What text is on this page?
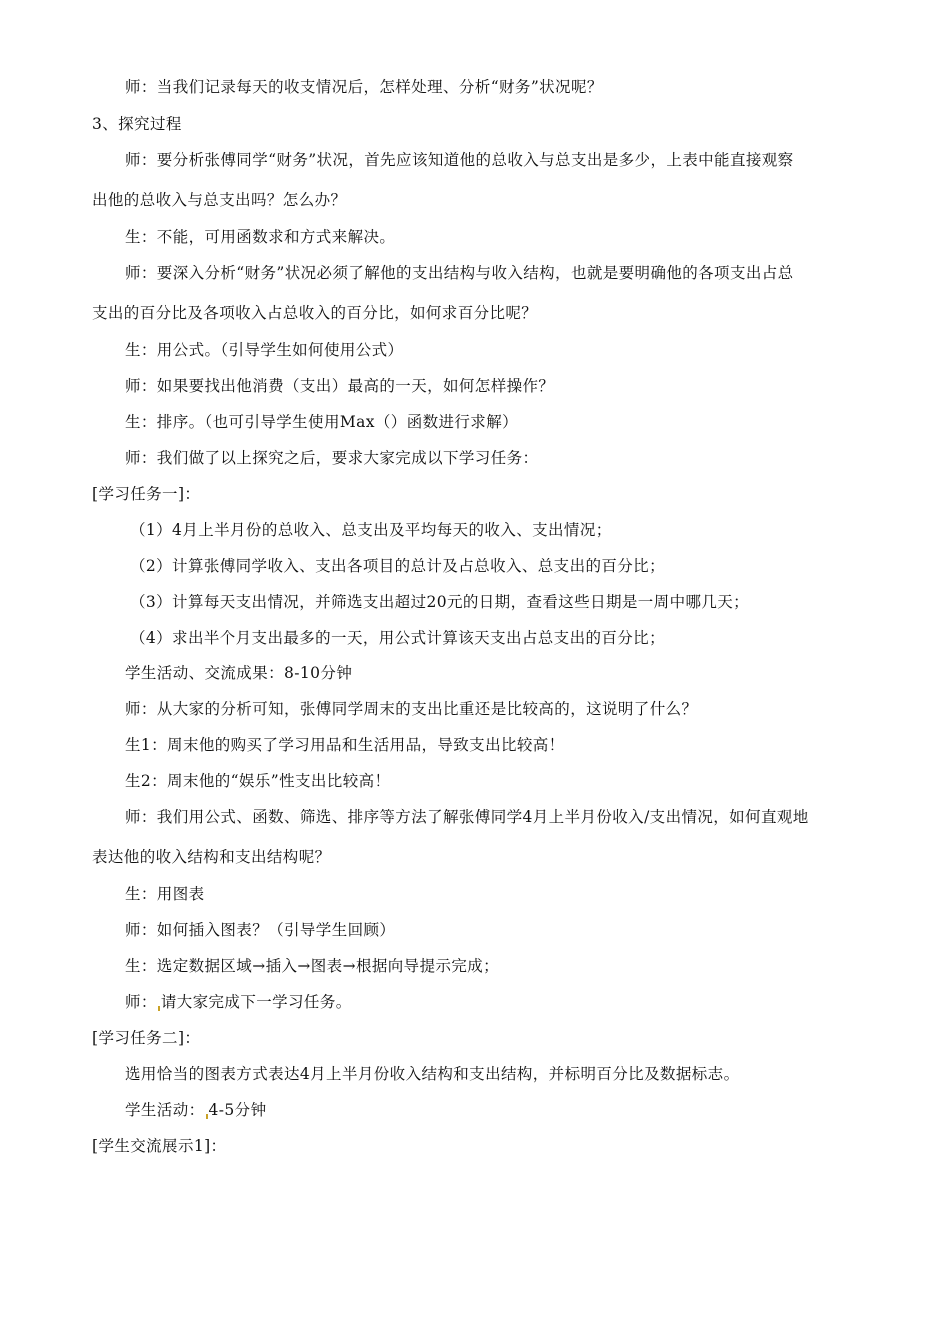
师：当我们记录每天的收支情况后，怎样处理、分析“财务”状况呢？
3、探究过程
师：要分析张傅同学“财务”状况，首先应该知道他的总收入与总支出是多少，上表中能直接观察
出他的总收入与总支出吗？怎么办？
生：不能，可用函数求和方式来解决。
师：要深入分析“财务”状况必须了解他的支出结构与收入结构，也就是要明确他的各项支出占总
支出的百分比及各项收入占总收入的百分比，如何求百分比呢？
生：用公式。（引导学生如何使用公式）
师：如果要找出他消费（支出）最高的一天，如何怎样操作？
生：排序。（也可引导学生使用Max（）函数进行求解）
师：我们做了以上探究之后，要求大家完成以下学习任务：
[学习任务一]：
（1）4月上半月份的总收入、总支出及平均每天的收入、支出情况；
（2）计算张傅同学收入、支出各项目的总计及占总收入、总支出的百分比；
（3）计算每天支出情况，并筛选支出超过20元的日期，查看这些日期是一周中哪几天；
（4）求出半个月支出最多的一天，用公式计算该天支出占总支出的百分比；
学生活动、交流成果：8-10分钟
师：从大家的分析可知，张傅同学周末的支出比重还是比较高的，这说明了什么？
生1：周末他的购买了学习用品和生活用品，导致支出比较高！
生2：周末他的“娱乐”性支出比较高！
师：我们用公式、函数、筛选、排序等方法了解张傅同学4月上半月份收入/支出情况，如何直观地
表达他的收入结构和支出结构呢？
生：用图表
师：如何插入图表？（引导学生回顾）
生：选定数据区域→插入→图表→根据向导提示完成；
师： 请大家完成下一学习任务。
[学习任务二]：
选用恰当的图表方式表达4月上半月份收入结构和支出结构，并标明百分比及数据标志。
学生活动： 4-5分钟
[学生交流展示1]：
